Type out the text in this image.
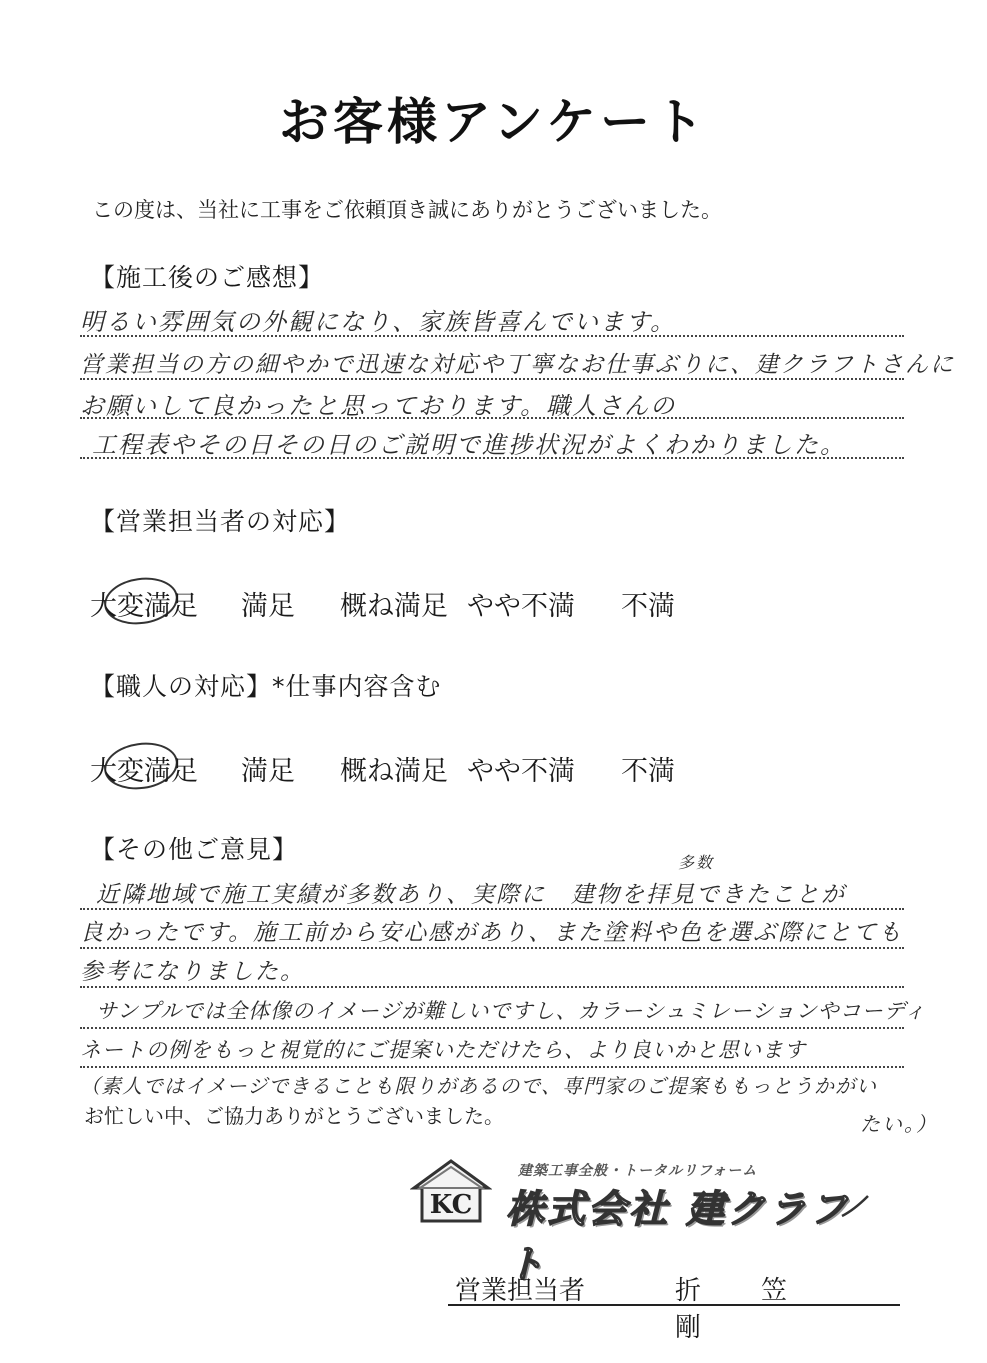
お客様アンケート
この度は、当社に工事をご依頼頂き誠にありがとうございました。
【施工後のご感想】
明るい雰囲気の外観になり、家族皆喜んでいます。
営業担当の方の細やかで迅速な対応や丁寧なお仕事ぶりに、建クラフトさんに
お願いして良かったと思っております。職人さんの
工程表やその日その日のご説明で進捗状況がよくわかりました。
【営業担当者の対応】
大変満足 満足 概ね満足 やや不満 不満
【職人の対応】*仕事内容含む
大変満足 満足 概ね満足 やや不満 不満
【その他ご意見】	多数
近隣地域で施工実績が多数あり、実際に　建物を拝見できたことが
良かったです。施工前から安心感があり、また塗料や色を選ぶ際にとても
参考になりました。
サンプルでは全体像のイメージが難しいですし、カラーシュミレーションやコーディ
ネートの例をもっと視覚的にご提案いただけたら、より良いかと思います
（素人ではイメージできることも限りがあるので、専門家のご提案ももっとうかがい
たい。）
お忙しい中、ご協力ありがとうございました。
KC
建築工事全般・トータルリフォーム
株式会社 建クラフト
営業担当者	折笠　剛
